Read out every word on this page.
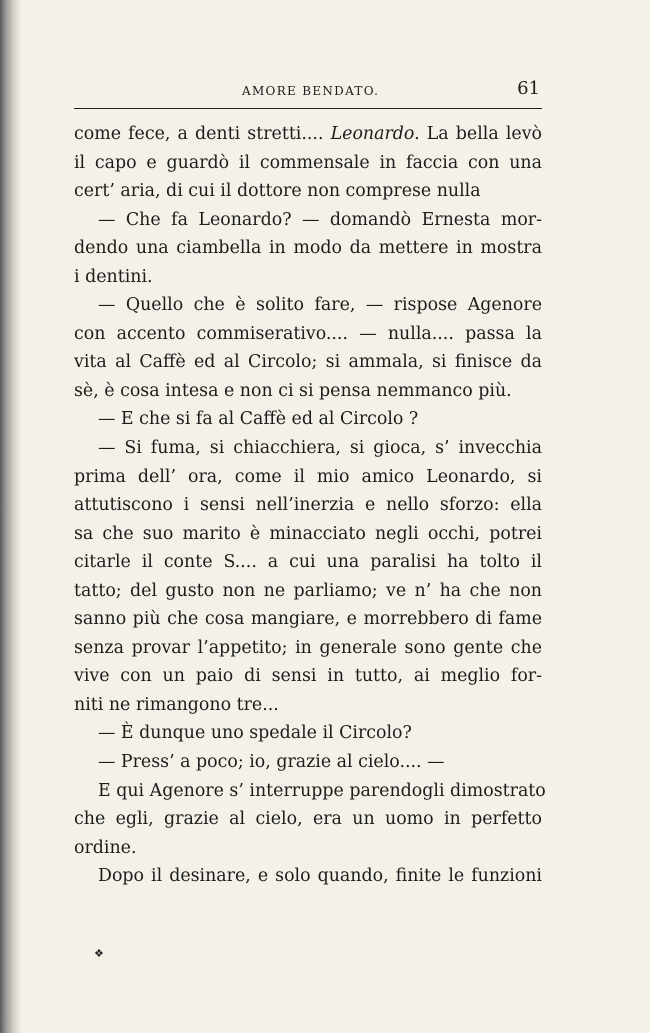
AMORE BENDATO.	61
come fece, a denti stretti.... Leonardo. La bella levò
il capo e guardò il commensale in faccia con una
cert’ aria, di cui il dottore non comprese nulla
— Che fa Leonardo? — domandò Ernesta mor-
dendo una ciambella in modo da mettere in mostra
i dentini.
— Quello che è solito fare, — rispose Agenore
con accento commiserativo.... — nulla.... passa la
vita al Caffè ed al Circolo; si ammala, si finisce da
sè, è cosa intesa e non ci si pensa nemmanco più.
— E che si fa al Caffè ed al Circolo ?
— Si fuma, si chiacchiera, si gioca, s’ invecchia
prima dell’ ora, come il mio amico Leonardo, si
attutiscono i sensi nell’inerzia e nello sforzo: ella
sa che suo marito è minacciato negli occhi, potrei
citarle il conte S.... a cui una paralisi ha tolto il
tatto; del gusto non ne parliamo; ve n’ ha che non
sanno più che cosa mangiare, e morrebbero di fame
senza provar l’appetito; in generale sono gente che
vive con un paio di sensi in tutto, ai meglio for-
niti ne rimangono tre...
— È dunque uno spedale il Circolo?
— Press’ a poco; io, grazie al cielo.... —
E qui Agenore s’ interruppe parendogli dimostrato
che egli, grazie al cielo, era un uomo in perfetto
ordine.
Dopo il desinare, e solo quando, finite le funzioni
❖
